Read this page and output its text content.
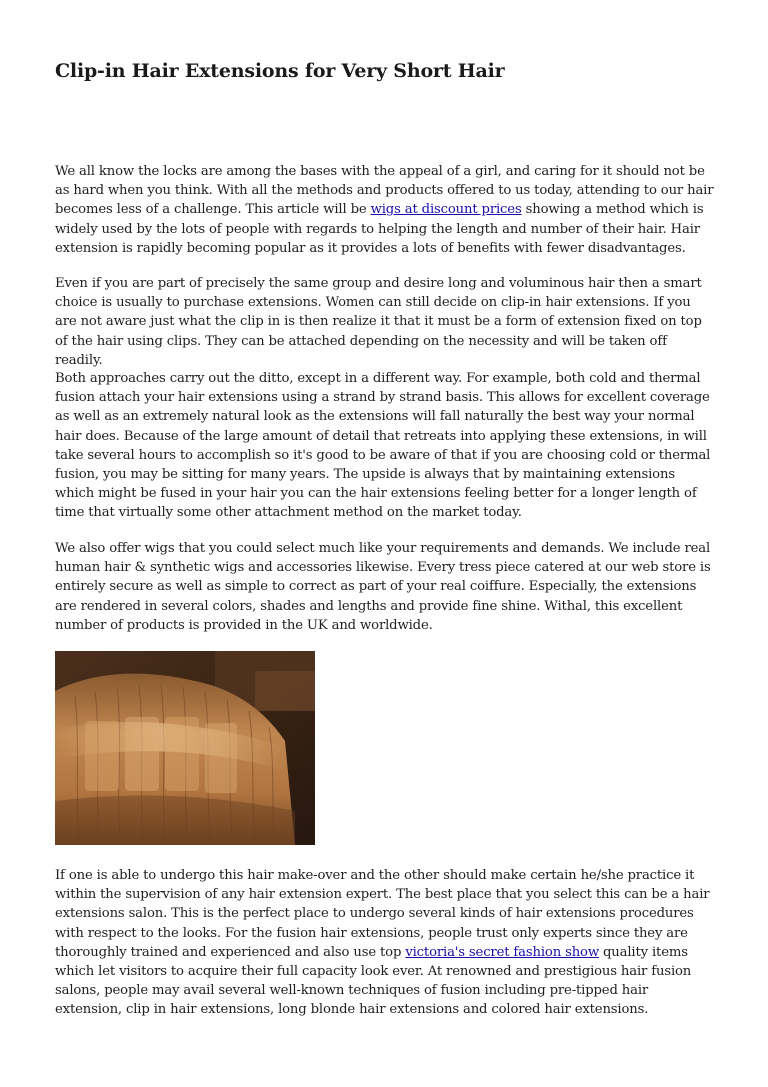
Clip-in Hair Extensions for Very Short Hair

We all know the locks are among the bases with the appeal of a girl, and caring for it should not be as hard when you think. With all the methods and products offered to us today, attending to our hair becomes less of a challenge. This article will be wigs at discount prices showing a method which is widely used by the lots of people with regards to helping the length and number of their hair. Hair extension is rapidly becoming popular as it provides a lots of benefits with fewer disadvantages.

Even if you are part of precisely the same group and desire long and voluminous hair then a smart choice is usually to purchase extensions. Women can still decide on clip-in hair extensions. If you are not aware just what the clip in is then realize it that it must be a form of extension fixed on top of the hair using clips. They can be attached depending on the necessity and will be taken off readily.

Both approaches carry out the ditto, except in a different way. For example, both cold and thermal fusion attach your hair extensions using a strand by strand basis. This allows for excellent coverage as well as an extremely natural look as the extensions will fall naturally the best way your normal hair does. Because of the large amount of detail that retreats into applying these extensions, in will take several hours to accomplish so it's good to be aware of that if you are choosing cold or thermal fusion, you may be sitting for many years. The upside is always that by maintaining extensions which might be fused in your hair you can the hair extensions feeling better for a longer length of time that virtually some other attachment method on the market today.

We also offer wigs that you could select much like your requirements and demands. We include real human hair & synthetic wigs and accessories likewise. Every tress piece catered at our web store is entirely secure as well as simple to correct as part of your real coiffure. Especially, the extensions are rendered in several colors, shades and lengths and provide fine shine. Withal, this excellent number of products is provided in the UK and worldwide.

If one is able to undergo this hair make-over and the other should make certain he/she practice it within the supervision of any hair extension expert. The best place that you select this can be a hair extensions salon. This is the perfect place to undergo several kinds of hair extensions procedures with respect to the looks. For the fusion hair extensions, people trust only experts since they are thoroughly trained and experienced and also use top victoria's secret fashion show quality items which let visitors to acquire their full capacity look ever. At renowned and prestigious hair fusion salons, people may avail several well-known techniques of fusion including pre-tipped hair extension, clip in hair extensions, long blonde hair extensions and colored hair extensions.
